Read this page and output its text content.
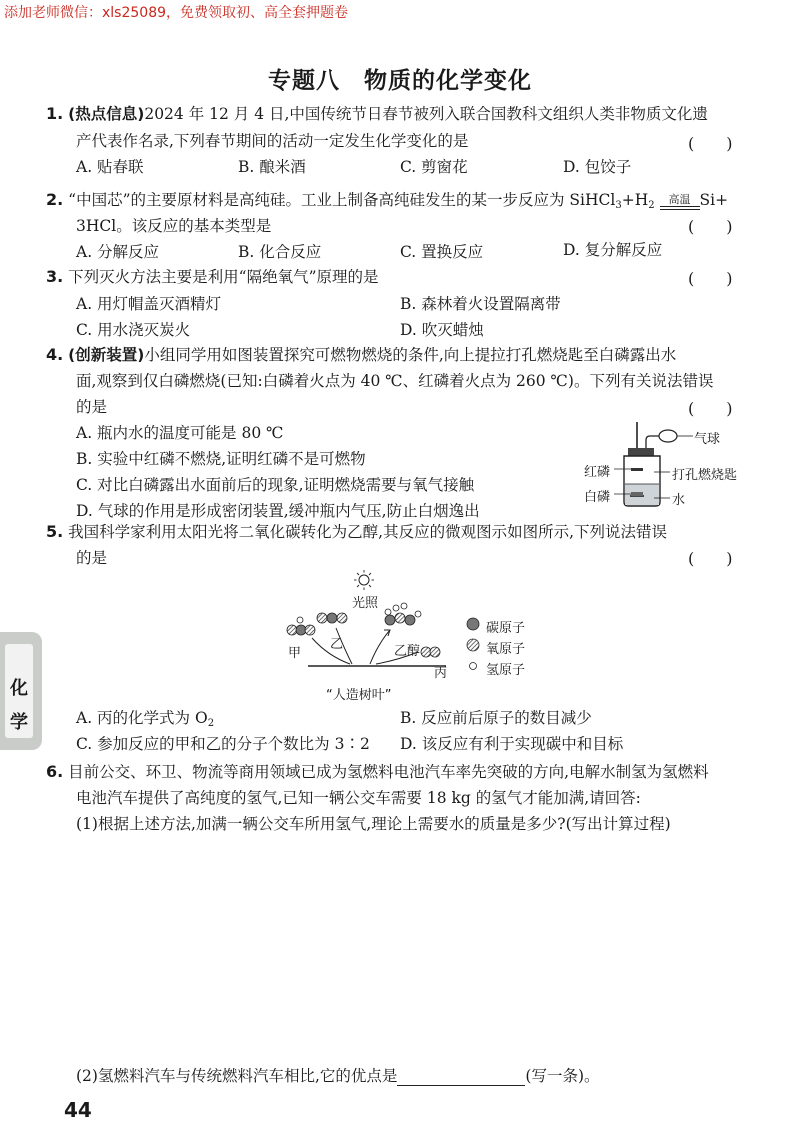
添加老师微信：xls25089，免费领取初、高全套押题卷
专题八　物质的化学变化
1. (热点信息)2024 年 12 月 4 日,中国传统节日春节被列入联合国教科文组织人类非物质文化遗
产代表作名录,下列春节期间的活动一定发生化学变化的是	(　　)
A. 贴春联	B. 酿米酒	C. 剪窗花	D. 包饺子
2. “中国芯”的主要原材料是高纯硅。工业上制备高纯硅发生的某一步反应为 $SiHCl_3+H_2$	高温 Si+
3HCl。该反应的基本类型是	(　　)
A. 分解反应	B. 化合反应	C. 置换反应	D. 复分解反应
3. 下列灭火方法主要是利用“隔绝氧气”原理的是	(　　)
A. 用灯帽盖灭酒精灯	B. 森林着火设置隔离带
C. 用水浇灭炭火	D. 吹灭蜡烛
4. (创新装置)小组同学用如图装置探究可燃物燃烧的条件,向上提拉打孔燃烧匙至白磷露出水
面,观察到仅白磷燃烧(已知:白磷着火点为 40 ℃、红磷着火点为 260 ℃)。下列有关说法错误
的是	(　　)
A. 瓶内水的温度可能是 80 ℃
B. 实验中红磷不燃烧,证明红磷不是可燃物
C. 对比白磷露出水面前后的现象,证明燃烧需要与氧气接触
D. 气球的作用是形成密闭装置,缓冲瓶内气压,防止白烟逸出
气球
打孔燃烧匙
红磷
白磷	水
5. 我国科学家利用太阳光将二氧化碳转化为乙醇,其反应的微观图示如图所示,下列说法错误
的是	(　　)
光照
甲
乙	乙醇
丙
“人造树叶”
碳原子
氧原子
氢原子
A. 丙的化学式为 $O_2$	B. 反应前后原子的数目减少
C. 参加反应的甲和乙的分子个数比为 3∶2 D. 该反应有利于实现碳中和目标
化
学
6. 目前公交、环卫、物流等商用领域已成为氢燃料电池汽车率先突破的方向,电解水制氢为氢燃料
电池汽车提供了高纯度的氢气,已知一辆公交车需要 18 kg 的氢气才能加满,请回答:
(1)根据上述方法,加满一辆公交车所用氢气,理论上需要水的质量是多少?(写出计算过程)
(2)氢燃料汽车与传统燃料汽车相比,它的优点是	(写一条)。
44
